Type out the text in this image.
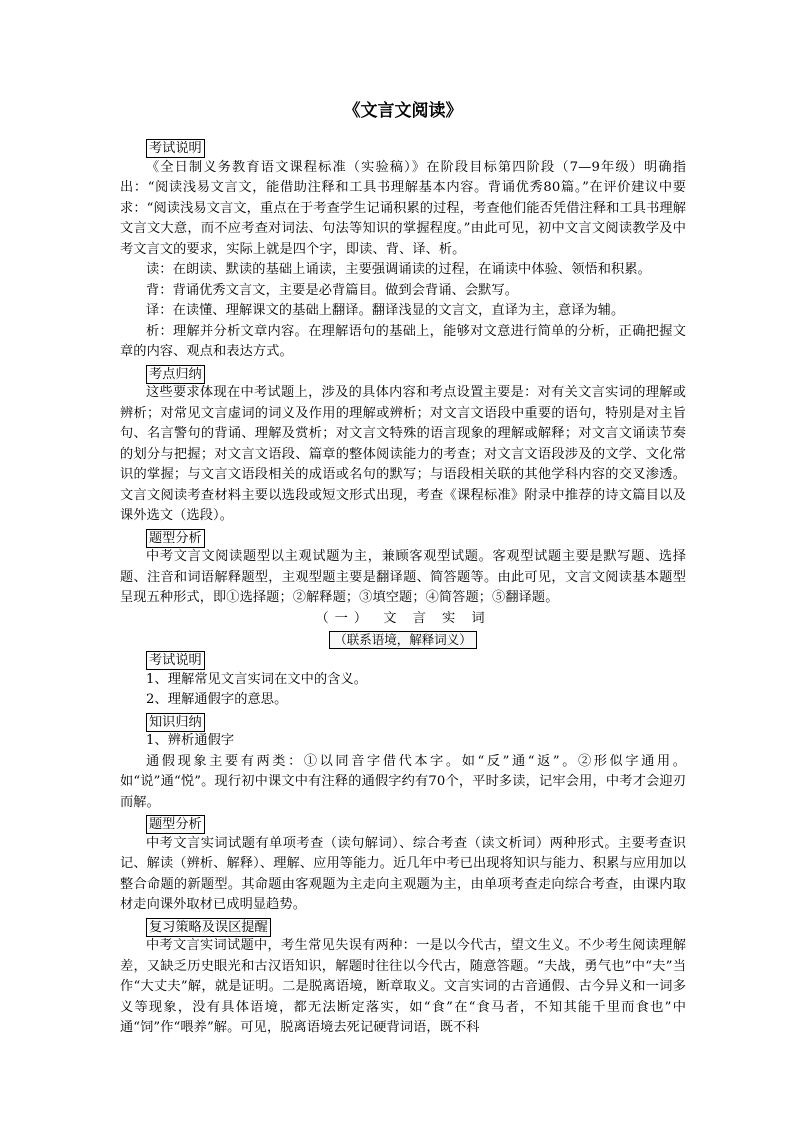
《文言文阅读》
考试说明

《全日制义务教育语文课程标准（实验稿）》在阶段目标第四阶段（7—9年级）明确指出：“阅读浅易文言文，能借助注释和工具书理解基本内容。背诵优秀80篇。”在评价建议中要求：“阅读浅易文言文，重点在于考查学生记诵积累的过程，考查他们能否凭借注释和工具书理解文言文大意，而不应考查对词法、句法等知识的掌握程度。”由此可见，初中文言文阅读教学及中考文言文的要求，实际上就是四个字，即读、背、译、析。

读：在朗读、默读的基础上诵读，主要强调诵读的过程，在诵读中体验、领悟和积累。

背：背诵优秀文言文，主要是必背篇目。做到会背诵、会默写。

译：在读懂、理解课文的基础上翻译。翻译浅显的文言文，直译为主，意译为辅。

析：理解并分析文章内容。在理解语句的基础上，能够对文意进行简单的分析，正确把握文章的内容、观点和表达方式。

考点归纳

这些要求体现在中考试题上，涉及的具体内容和考点设置主要是：对有关文言实词的理解或辨析；对常见文言虚词的词义及作用的理解或辨析；对文言文语段中重要的语句，特别是对主旨句、名言警句的背诵、理解及赏析；对文言文特殊的语言现象的理解或解释；对文言文诵读节奏的划分与把握；对文言文语段、篇章的整体阅读能力的考查；对文言文语段涉及的文学、文化常识的掌握；与文言文语段相关的成语或名句的默写；与语段相关联的其他学科内容的交叉渗透。文言文阅读考查材料主要以选段或短文形式出现，考查《课程标准》附录中推荐的诗文篇目以及课外选文（选段）。

题型分析

中考文言文阅读题型以主观试题为主，兼顾客观型试题。客观型试题主要是默写题、选择题、注音和词语解释题型，主观型题主要是翻译题、简答题等。由此可见，文言文阅读基本题型呈现五种形式，即①选择题；②解释题；③填空题；④简答题；⑤翻译题。

（一） 文 言 实 词
（联系语境，解释词义）
考试说明

1、理解常见文言实词在文中的含义。

2、理解通假字的意思。

知识归纳

1、辨析通假字

通假现象主要有两类：①以同音字借代本字。如“反”通“返”。②形似字通用。如“说”通“悦”。现行初中课文中有注释的通假字约有70个，平时多读，记牢会用，中考才会迎刃而解。

题型分析

中考文言实词试题有单项考查（读句解词）、综合考查（读文析词）两种形式。主要考查识记、解读（辨析、解释）、理解、应用等能力。近几年中考已出现将知识与能力、积累与应用加以整合命题的新题型。其命题由客观题为主走向主观题为主，由单项考查走向综合考查，由课内取材走向课外取材已成明显趋势。

复习策略及误区提醒

中考文言实词试题中，考生常见失误有两种：一是以今代古，望文生义。不少考生阅读理解差，又缺乏历史眼光和古汉语知识，解题时往往以今代古，随意答题。“夫战，勇气也”中“夫”当作“大丈夫”解，就是证明。二是脱离语境，断章取义。文言实词的古音通假、古今异义和一词多义等现象，没有具体语境，都无法断定落实，如“食”在“食马者，不知其能千里而食也”中通“饲”作“喂养”解。可见，脱离语境去死记硬背词语，既不科
